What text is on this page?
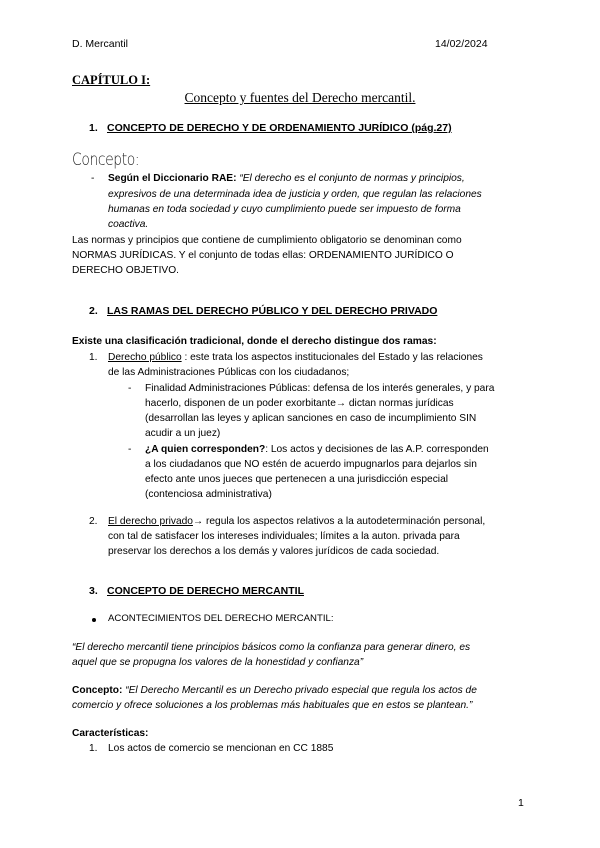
D. Mercantil	14/02/2024
CAPÍTULO I:
Concepto y fuentes del Derecho mercantil.
1. CONCEPTO DE DERECHO Y DE ORDENAMIENTO JURÍDICO (pág.27)
Concepto:
- Según el Diccionario RAE: “El derecho es el conjunto de normas y principios,
expresivos de una determinada idea de justicia y orden, que regulan las relaciones
humanas en toda sociedad y cuyo cumplimiento puede ser impuesto de forma
coactiva.
Las normas y principios que contiene de cumplimiento obligatorio se denominan como
NORMAS JURÍDICAS. Y el conjunto de todas ellas: ORDENAMIENTO JURÍDICO O
DERECHO OBJETIVO.
2. LAS RAMAS DEL DERECHO PÚBLICO Y DEL DERECHO PRIVADO
Existe una clasificación tradicional, donde el derecho distingue dos ramas:
1. Derecho público : este trata los aspectos institucionales del Estado y las relaciones
de las Administraciones Públicas con los ciudadanos;
- Finalidad Administraciones Públicas: defensa de los interés generales, y para
hacerlo, disponen de un poder exorbitante→ dictan normas jurídicas
(desarrollan las leyes y aplican sanciones en caso de incumplimiento SIN
acudir a un juez)
- ¿A quien corresponden?: Los actos y decisiones de las A.P. corresponden
a los ciudadanos que NO estén de acuerdo impugnarlos para dejarlos sin
efecto ante unos jueces que pertenecen a una jurisdicción especial
(contenciosa administrativa)
2. El derecho privado→ regula los aspectos relativos a la autodeterminación personal,
con tal de satisfacer los intereses individuales; límites a la auton. privada para
preservar los derechos a los demás y valores jurídicos de cada sociedad.
3. CONCEPTO DE DERECHO MERCANTIL
ACONTECIMIENTOS DEL DERECHO MERCANTIL:
“El derecho mercantil tiene principios básicos como la confianza para generar dinero, es
aquel que se propugna los valores de la honestidad y confianza”
Concepto: “El Derecho Mercantil es un Derecho privado especial que regula los actos de
comercio y ofrece soluciones a los problemas más habituales que en estos se plantean.”
Características:
1. Los actos de comercio se mencionan en CC 1885
1
